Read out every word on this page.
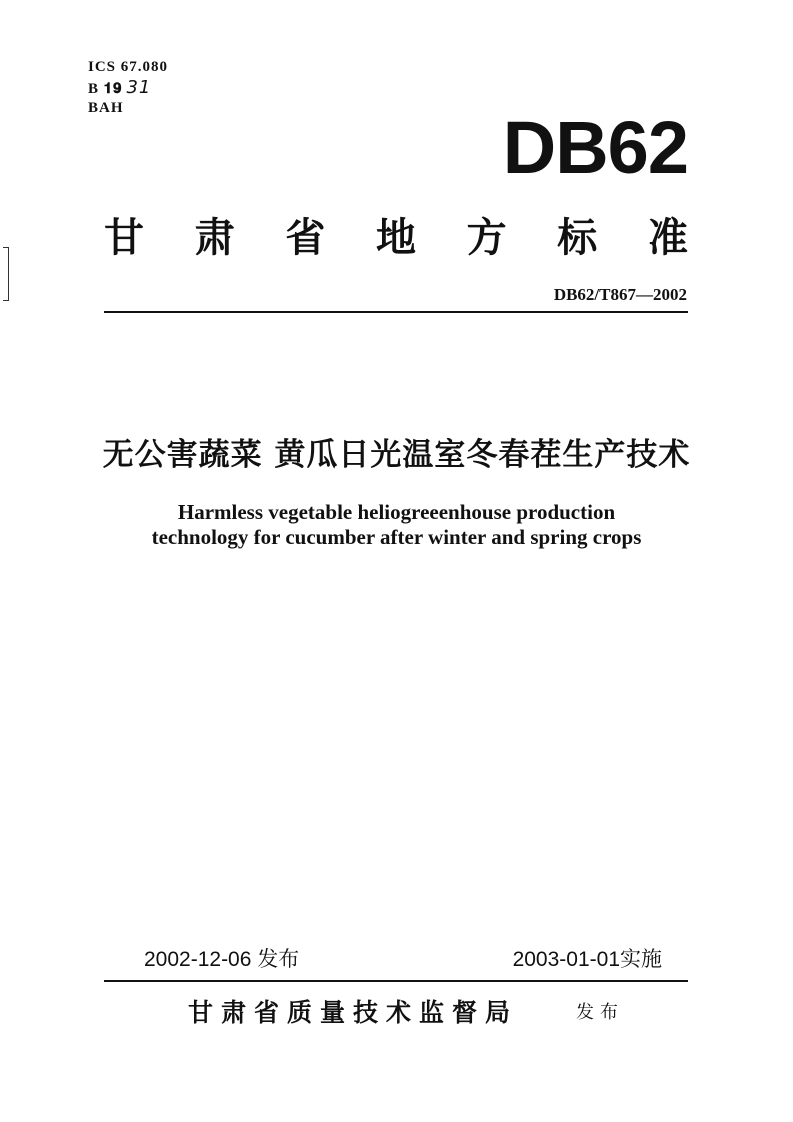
ICS 67.080
B 𝟏𝟗 31
BAH	DB62
甘 肃 省 地 方 标 准
DB62/T867—2002
无公害蔬菜 黄瓜日光温室冬春茬生产技术
Harmless vegetable heliogreeenhouse production
technology for cucumber after winter and spring crops
2002-12-06 发布	2003-01-01实施
甘肃省质量技术监督局	发布
